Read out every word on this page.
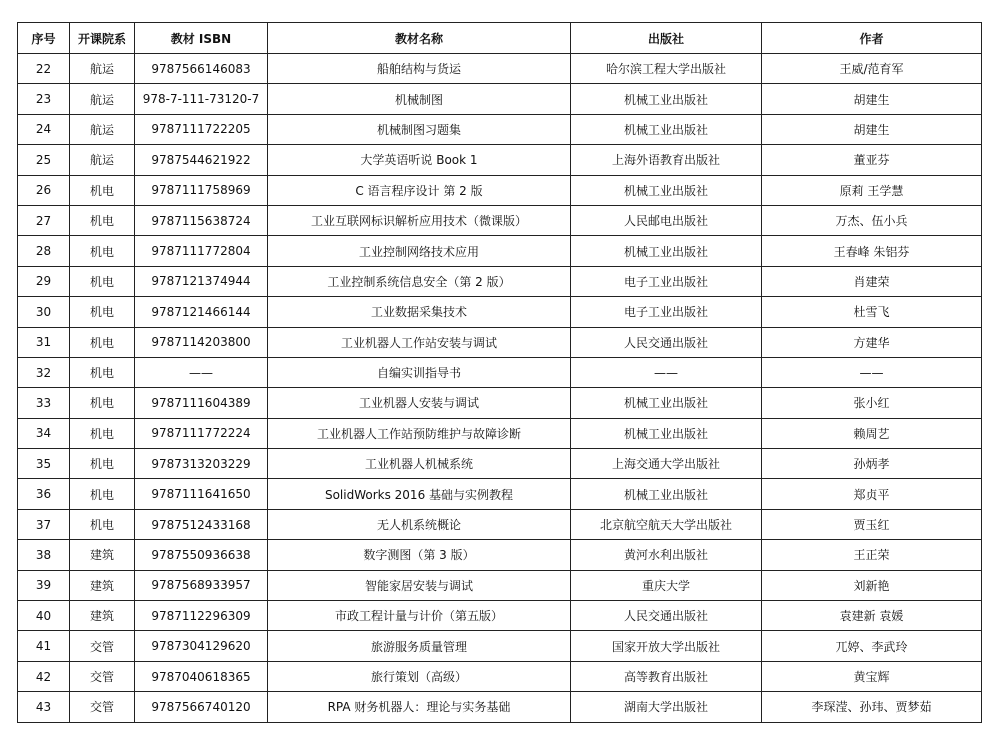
序号	开课院系	教材 ISBN	教材名称	出版社	作者
22	航运	9787566146083	船舶结构与货运	哈尔滨工程大学出版社	王威/范育军
23	航运	978-7-111-73120-7	机械制图	机械工业出版社	胡建生
24	航运	9787111722205	机械制图习题集	机械工业出版社	胡建生
25	航运	9787544621922	大学英语听说 Book 1	上海外语教育出版社	董亚芬
26	机电	9787111758969	C 语言程序设计 第 2 版	机械工业出版社	原莉 王学慧
27	机电	9787115638724	工业互联网标识解析应用技术（微课版）	人民邮电出版社	万杰、伍小兵
28	机电	9787111772804	工业控制网络技术应用	机械工业出版社	王春峰 朱铝芬
29	机电	9787121374944	工业控制系统信息安全（第 2 版）	电子工业出版社	肖建荣
30	机电	9787121466144	工业数据采集技术	电子工业出版社	杜雪飞
31	机电	9787114203800	工业机器人工作站安装与调试	人民交通出版社	方建华
32	机电	——	自编实训指导书	——	——
33	机电	9787111604389	工业机器人安装与调试	机械工业出版社	张小红
34	机电	9787111772224	工业机器人工作站预防维护与故障诊断	机械工业出版社	赖周艺
35	机电	9787313203229	工业机器人机械系统	上海交通大学出版社	孙炳孝
36	机电	9787111641650	SolidWorks 2016 基础与实例教程	机械工业出版社	郑贞平
37	机电	9787512433168	无人机系统概论	北京航空航天大学出版社	贾玉红
38	建筑	9787550936638	数字测图（第 3 版）	黄河水利出版社	王正荣
39	建筑	9787568933957	智能家居安装与调试	重庆大学	刘新艳
40	建筑	9787112296309	市政工程计量与计价（第五版）	人民交通出版社	袁建新 袁媛
41	交管	9787304129620	旅游服务质量管理	国家开放大学出版社	兀婷、李武玲
42	交管	9787040618365	旅行策划（高级）	高等教育出版社	黄宝辉
43	交管	9787566740120	RPA 财务机器人：理论与实务基础	湖南大学出版社	李琛滢、孙玮、贾梦茹
